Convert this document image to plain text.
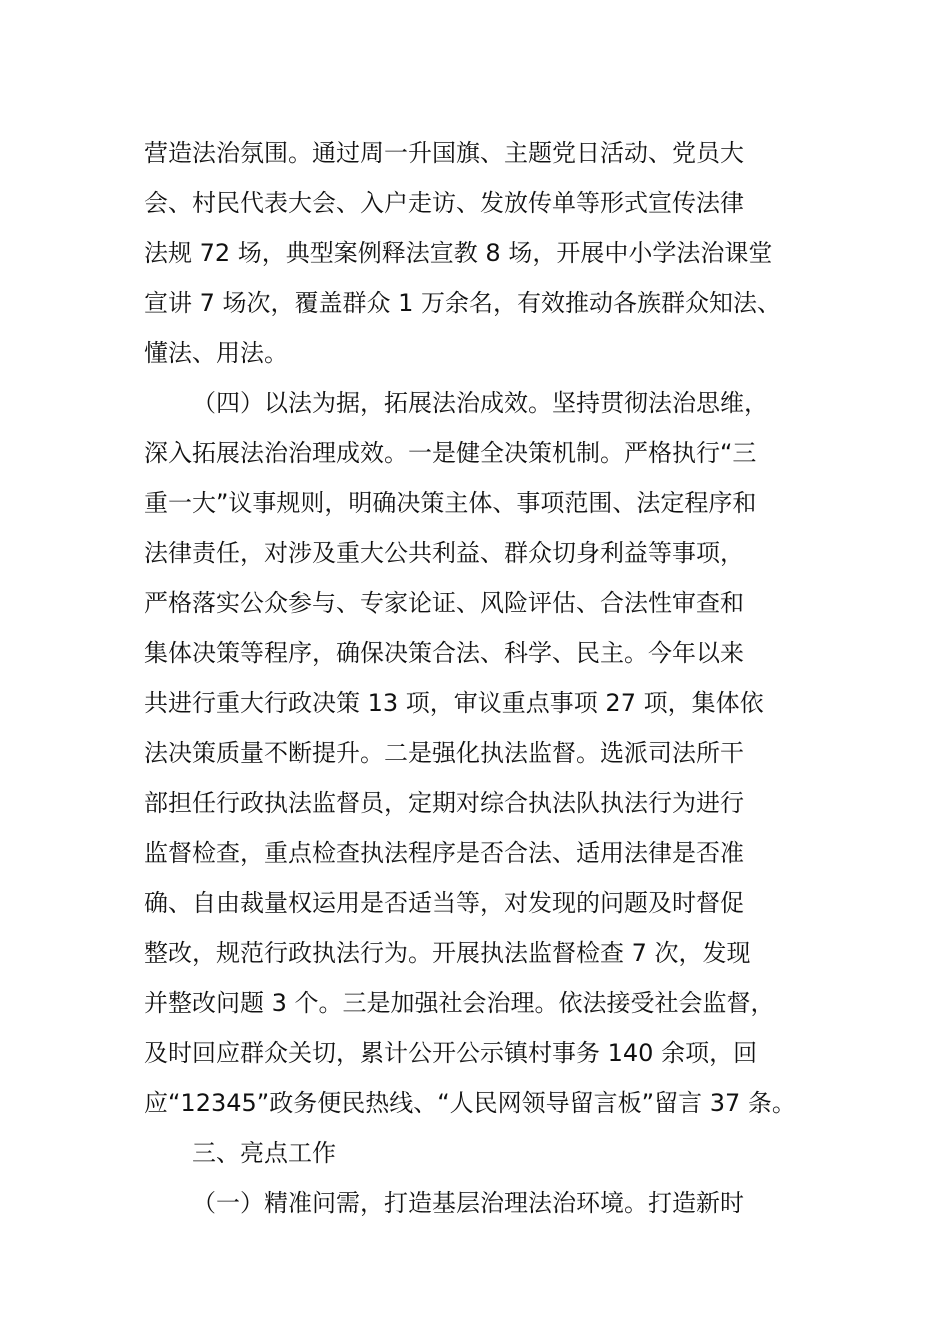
营造法治氛围。通过周一升国旗、主题党日活动、党员大
会、村民代表大会、入户走访、发放传单等形式宣传法律
法规 72 场，典型案例释法宣教 8 场，开展中小学法治课堂
宣讲 7 场次，覆盖群众 1 万余名，有效推动各族群众知法、
懂法、用法。
（四）以法为据，拓展法治成效。坚持贯彻法治思维，
深入拓展法治治理成效。一是健全决策机制。严格执行“三
重一大”议事规则，明确决策主体、事项范围、法定程序和
法律责任，对涉及重大公共利益、群众切身利益等事项，
严格落实公众参与、专家论证、风险评估、合法性审查和
集体决策等程序，确保决策合法、科学、民主。今年以来
共进行重大行政决策 13 项，审议重点事项 27 项，集体依
法决策质量不断提升。二是强化执法监督。选派司法所干
部担任行政执法监督员，定期对综合执法队执法行为进行
监督检查，重点检查执法程序是否合法、适用法律是否准
确、自由裁量权运用是否适当等，对发现的问题及时督促
整改，规范行政执法行为。开展执法监督检查 7 次，发现
并整改问题 3 个。三是加强社会治理。依法接受社会监督，
及时回应群众关切，累计公开公示镇村事务 140 余项，回
应“12345”政务便民热线、“人民网领导留言板”留言 37 条。
三、亮点工作
（一）精准问需，打造基层治理法治环境。打造新时
